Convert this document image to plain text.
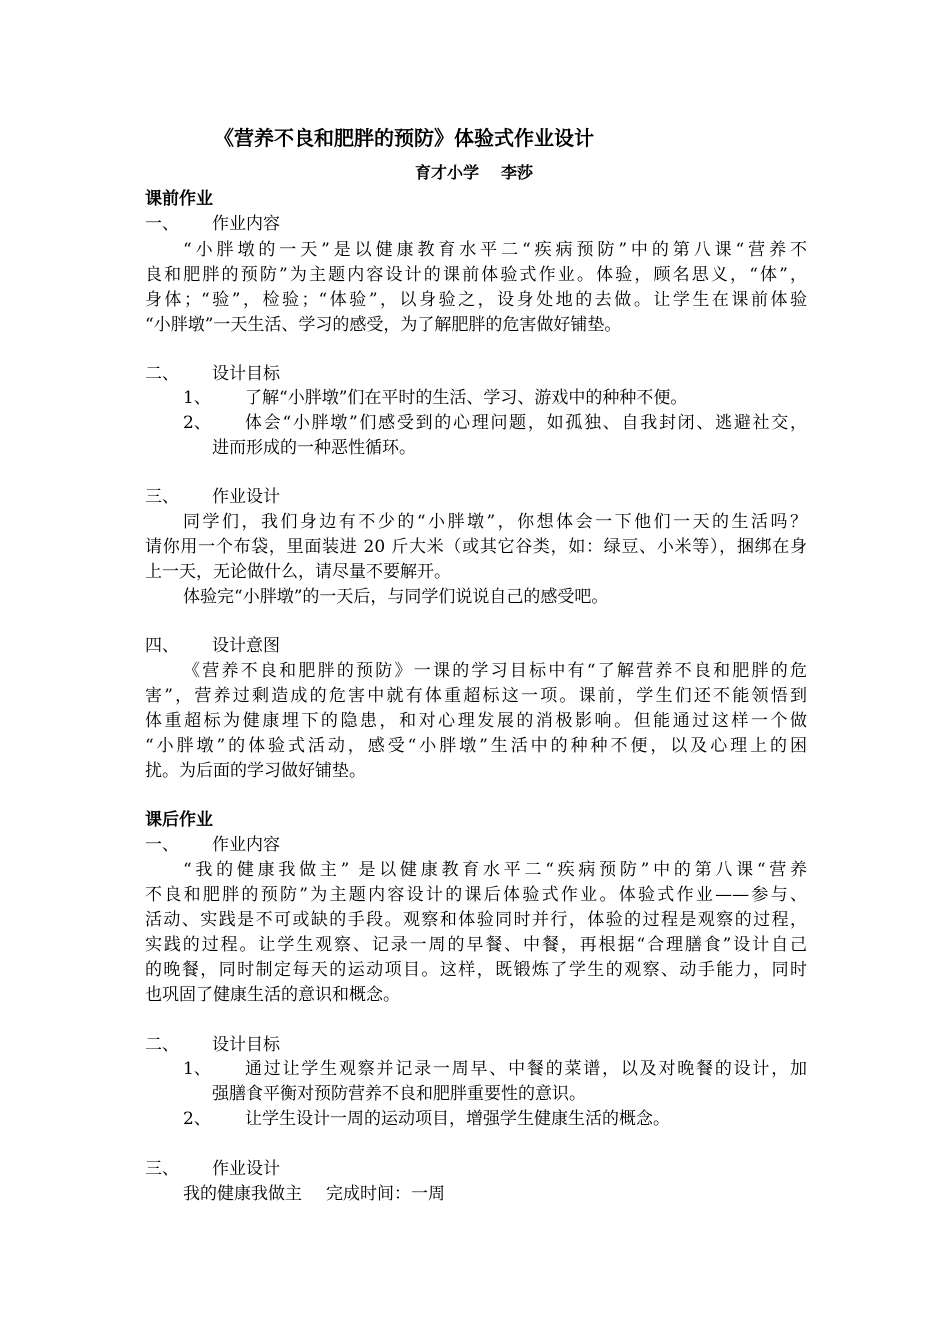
《营养不良和肥胖的预防》体验式作业设计
育才小学 李莎
课前作业
一、 作业内容
“小胖墩的一天”是以健康教育水平二“疾病预防”中的第八课“营养不
良和肥胖的预防”为主题内容设计的课前体验式作业。体验，顾名思义，“体”，
身体；“验”，检验；“体验”，以身验之，设身处地的去做。让学生在课前体验
“小胖墩”一天生活、学习的感受，为了解肥胖的危害做好铺垫。
二、 设计目标
1、 了解“小胖墩”们在平时的生活、学习、游戏中的种种不便。
2、 体会“小胖墩”们感受到的心理问题，如孤独、自我封闭、逃避社交，
进而形成的一种恶性循环。
三、 作业设计
同学们，我们身边有不少的“小胖墩”，你想体会一下他们一天的生活吗？
请你用一个布袋，里面装进 20 斤大米（或其它谷类，如：绿豆、小米等），捆绑在身
上一天，无论做什么，请尽量不要解开。
体验完“小胖墩”的一天后，与同学们说说自己的感受吧。
四、 设计意图
《营养不良和肥胖的预防》一课的学习目标中有“了解营养不良和肥胖的危
害”，营养过剩造成的危害中就有体重超标这一项。课前，学生们还不能领悟到
体重超标为健康埋下的隐患，和对心理发展的消极影响。但能通过这样一个做
“小胖墩”的体验式活动，感受“小胖墩”生活中的种种不便，以及心理上的困
扰。为后面的学习做好铺垫。
课后作业
一、 作业内容
“我的健康我做主” 是以健康教育水平二“疾病预防”中的第八课“营养
不良和肥胖的预防”为主题内容设计的课后体验式作业。体验式作业——参与、
活动、实践是不可或缺的手段。观察和体验同时并行，体验的过程是观察的过程，
实践的过程。让学生观察、记录一周的早餐、中餐，再根据“合理膳食”设计自己
的晚餐，同时制定每天的运动项目。这样，既锻炼了学生的观察、动手能力，同时
也巩固了健康生活的意识和概念。
二、 设计目标
1、 通过让学生观察并记录一周早、中餐的菜谱，以及对晚餐的设计，加
强膳食平衡对预防营养不良和肥胖重要性的意识。
2、 让学生设计一周的运动项目，增强学生健康生活的概念。
三、 作业设计
我的健康我做主 完成时间：一周
